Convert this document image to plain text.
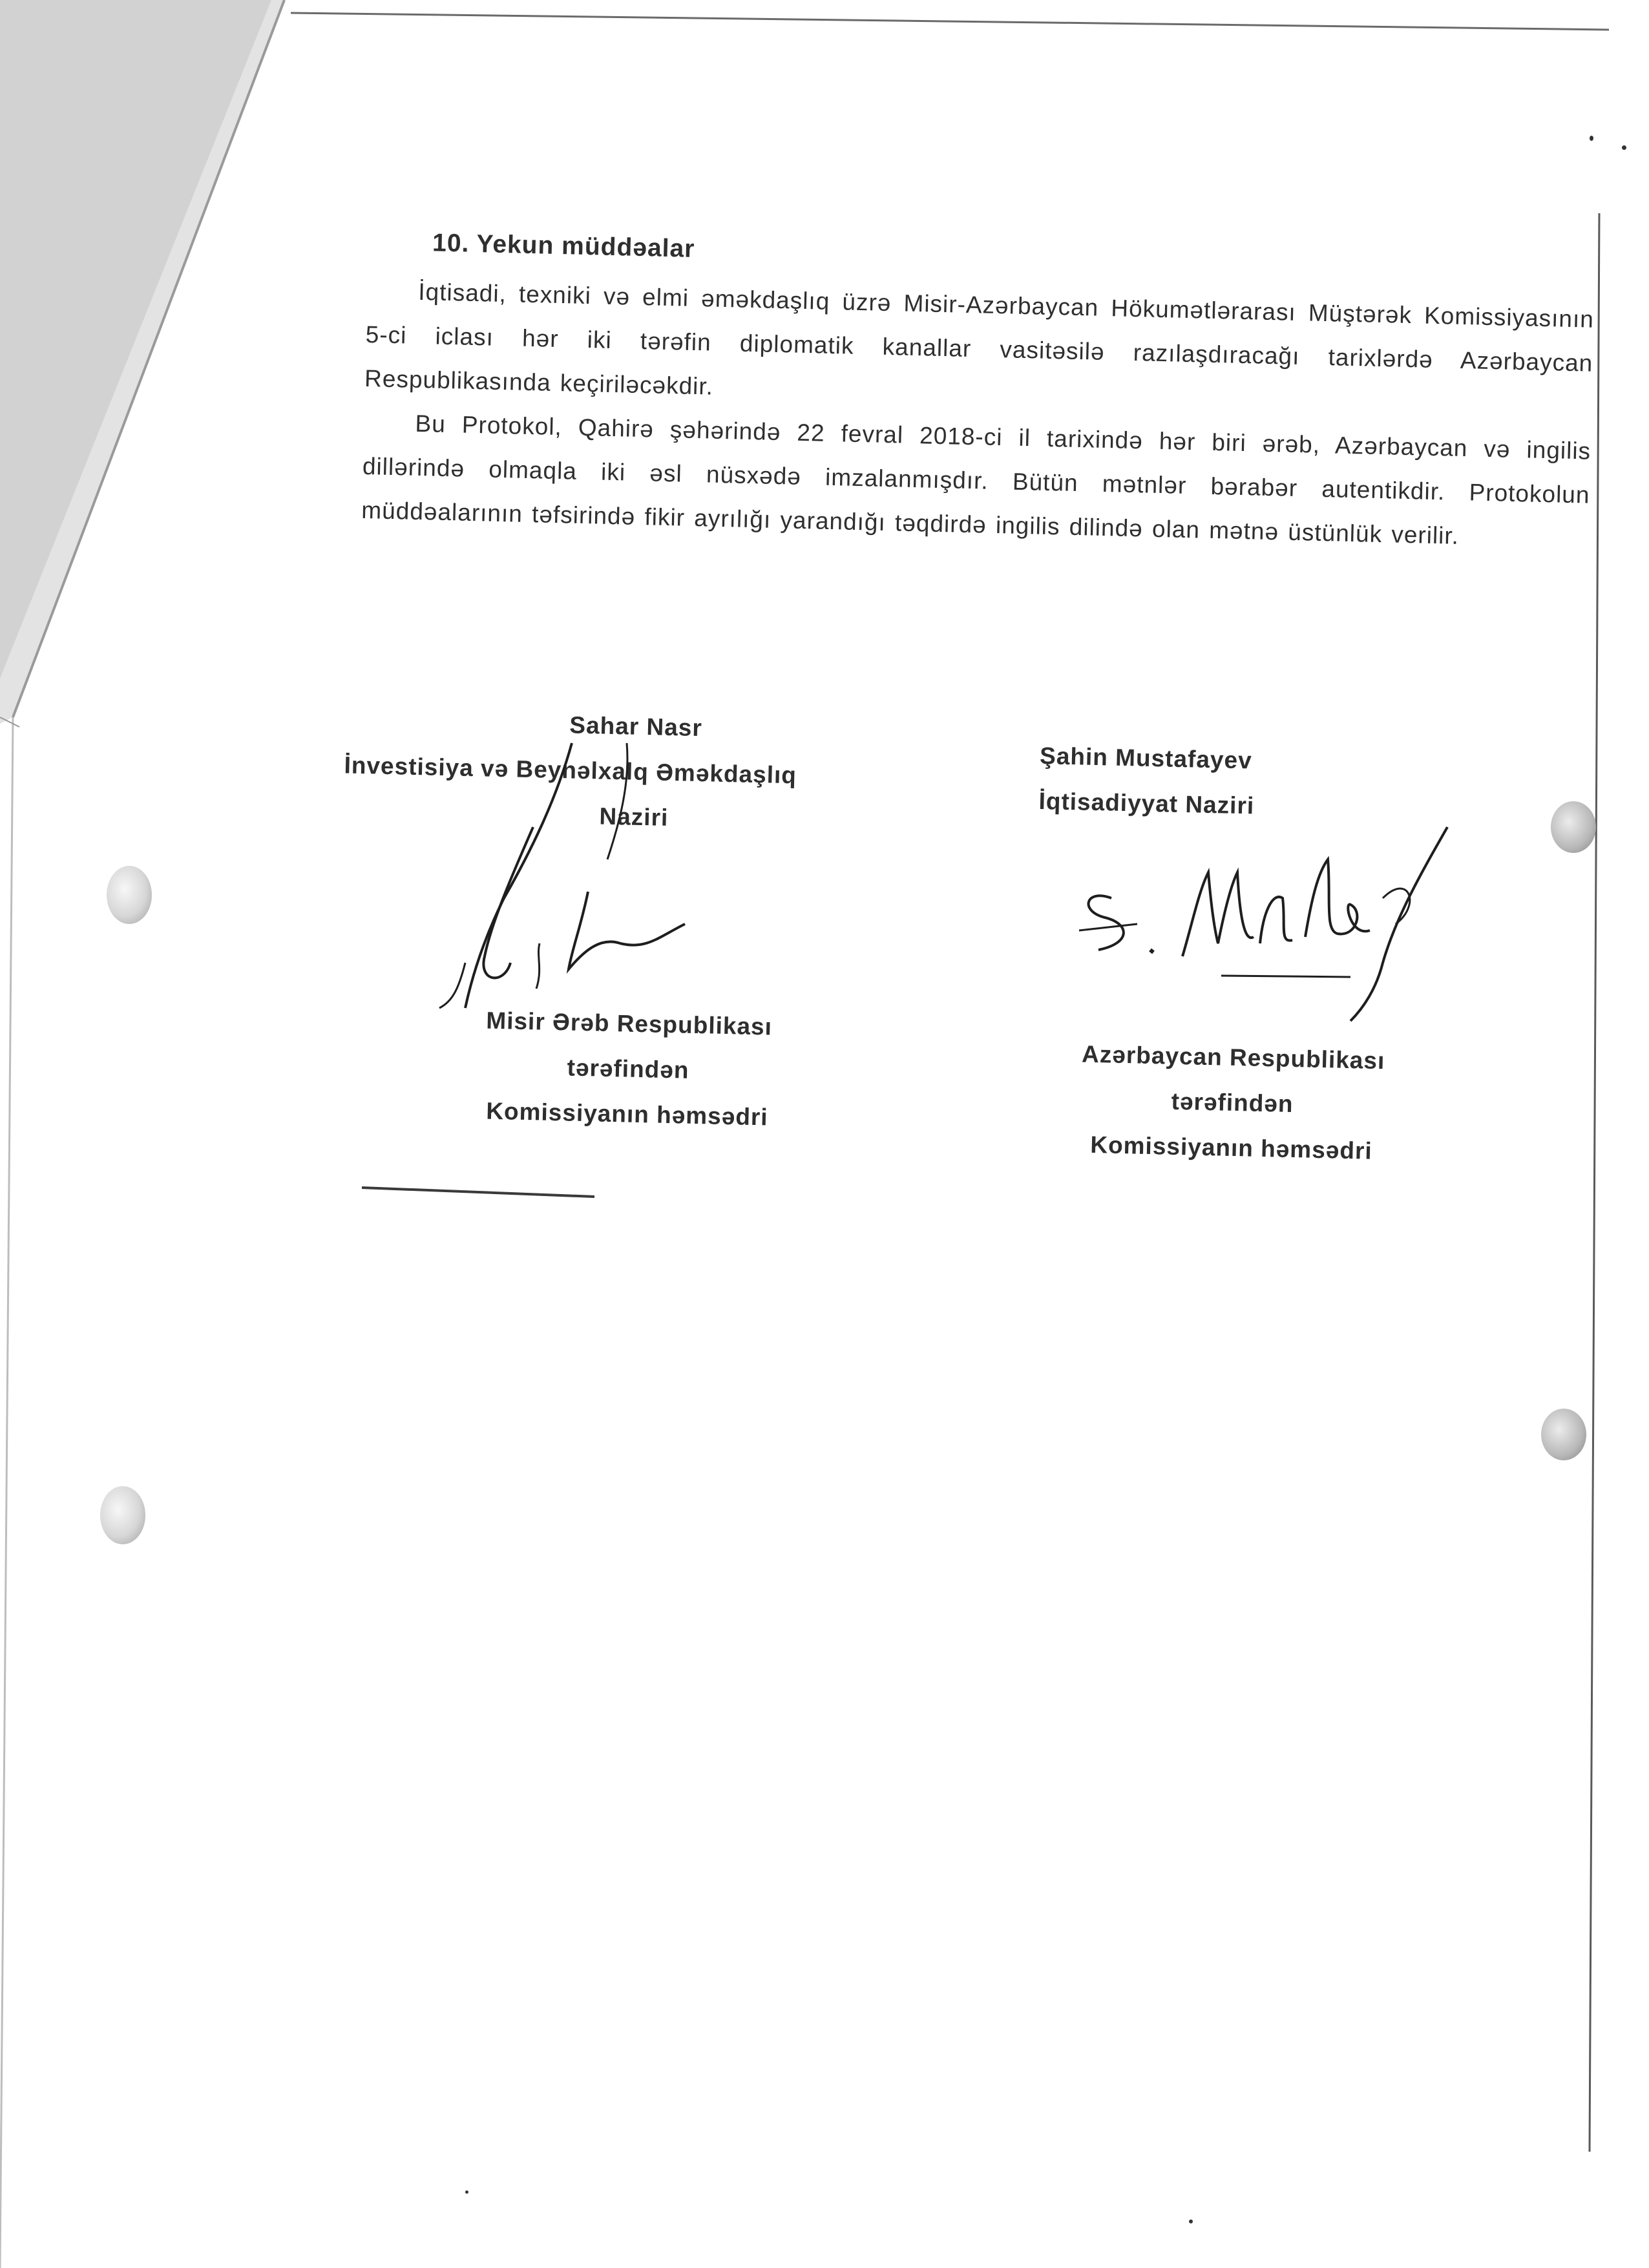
10. Yekun müddəalar

İqtisadi, texniki və elmi əməkdaşlıq üzrə Misir-Azərbaycan Hökumətlərarası Müştərək Komissiyasının 5-ci iclası hər iki tərəfin diplomatik kanallar vasitəsilə razılaşdıracağı tarixlərdə Azərbaycan Respublikasında keçiriləcəkdir.

Bu Protokol, Qahirə şəhərində 22 fevral 2018-ci il tarixində hər biri ərəb, Azərbaycan və ingilis dillərində olmaqla iki əsl nüsxədə imzalanmışdır. Bütün mətnlər bərabər autentikdir. Protokolun müddəalarının təfsirində fikir ayrılığı yarandığı təqdirdə ingilis dilində olan mətnə üstünlük verilir.

Sahar Nasr
İnvestisiya və Beynəlxalq Əməkdaşlıq
Naziri
Misir Ərəb Respublikası
tərəfindən
Komissiyanın həmsədri
Şahin Mustafayev
İqtisadiyyat Naziri
Azərbaycan Respublikası
tərəfindən
Komissiyanın həmsədri
